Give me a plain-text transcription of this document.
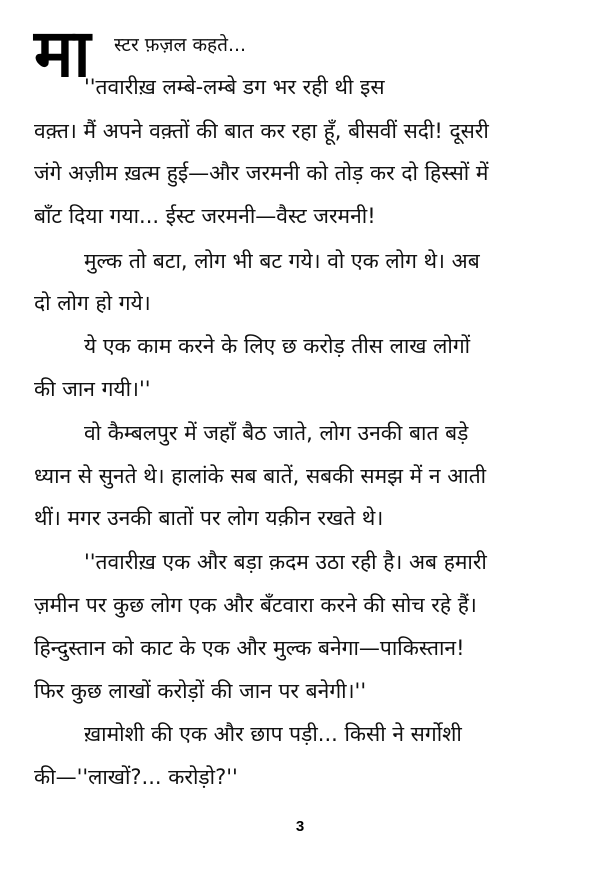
मा स्टर फ़ज़ल कहते...
''तवारीख़ लम्बे-लम्बे डग भर रही थी इस
वक़्त। मैं अपने वक़्तों की बात कर रहा हूँ, बीसवीं सदी! दूसरी
जंगे अज़ीम ख़त्म हुई—और जरमनी को तोड़ कर दो हिस्सों में
बाँट दिया गया... ईस्ट जरमनी—वैस्ट जरमनी!
मुल्क तो बटा, लोग भी बट गये। वो एक लोग थे। अब
दो लोग हो गये।
ये एक काम करने के लिए छ करोड़ तीस लाख लोगों
की जान गयी।''
वो कैम्बलपुर में जहाँ बैठ जाते, लोग उनकी बात बड़े
ध्यान से सुनते थे। हालांके सब बातें, सबकी समझ में न आती
थीं। मगर उनकी बातों पर लोग यक़ीन रखते थे।
''तवारीख़ एक और बड़ा क़दम उठा रही है। अब हमारी
ज़मीन पर कुछ लोग एक और बँटवारा करने की सोच रहे हैं।
हिन्दुस्तान को काट के एक और मुल्क बनेगा—पाकिस्तान!
फिर कुछ लाखों करोड़ों की जान पर बनेगी।''
ख़ामोशी की एक और छाप पड़ी... किसी ने सर्गोशी
की—''लाखों?... करोड़ो?''
3
